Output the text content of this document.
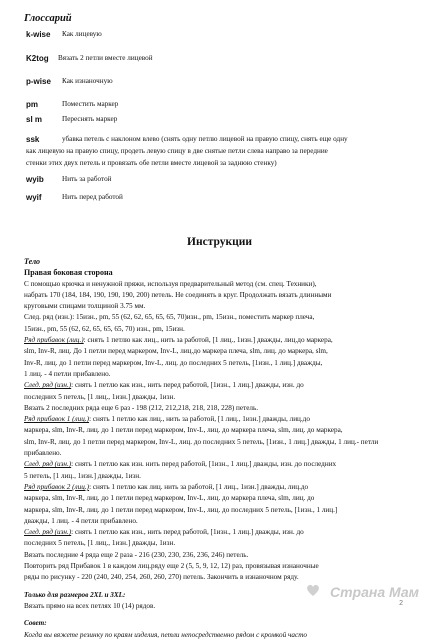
Глоссарий
k-wise Как лицевую
K2tog Вязать 2 петли вместе лицевой
p-wise Как изнаночную
pm	Поместить маркер
sl m	Переснять маркер
ssk	убавка петель с наклоном влево (снять одну петлю лицевой на правую спицу, снять еще одну
как лицевую на правую спицу, продеть левую спицу в две снятые петли слева направо за передние
стенки этих двух петель и провязать обе петли вместе лицевой за заднюю стенку)
wyib	Нить за работой
wyif	Нить перед работой
Инструкции
Тело
Правая боковая сторона
С помощью крючка и ненужной пряжи, используя предварительный метод (см. спец. Техники),
набрать 170 (184, 184, 190, 190, 190, 200) петель. Не соединять в круг. Продолжать вязать длинными
круговыми спицами толщиной 3.75 мм.
След. ряд (изн.): 15изн., pm, 55 (62, 62, 65, 65, 65, 70)изн., pm, 15изн., поместить маркер плеча,
15изн., pm, 55 (62, 62, 65, 65, 65, 70) изн., pm, 15изн.
Ряд прибавок (лиц.): снять 1 петлю как лиц., нить за работой, [1 лиц., 1изн.] дважды, лиц.до маркера,
slm, Inv-R, лиц. До 1 петли перед маркером, Inv-L, лиц.до маркера плеча, slm, лиц. до маркера, slm,
Inv-R, лиц. до 1 петли перед маркером, Inv-L, лиц. до последних 5 петель, [1изн., 1 лиц.] дважды,
1 лиц. - 4 петли прибавлено.
След. ряд (изн.): снять 1 петлю как изн., нить перед работой, [1изн., 1 лиц.] дважды, изн. до
последних 5 петель, [1 лиц., 1изн.] дважды, 1изн.
Вязать 2 последних ряда еще 6 раз - 198 (212, 212,218, 218, 218, 228) петель.
Ряд прибавок 1 (лиц.): снять 1 петлю как лиц., нить за работой, [1 лиц., 1изн.] дважды, лиц.до
маркера, slm, Inv-R, лиц. до 1 петли перед маркером, Inv-L, лиц. до маркера плеча, slm, лиц. до маркера,
slm, Inv-R, лиц. до 1 петли перед маркером, Inv-L, лиц. до последних 5 петель, [1изн., 1 лиц.] дважды, 1 лиц.- петли
прибавлено.
След. ряд (изн.): снять 1 петлю как изн. нить перед работой, [1изн., 1 лиц.] дважды, изн. до последних
5 петель, [1 лиц., 1изн.] дважды, 1изн.
Ряд прибавок 2 (лиц.): снять 1 петлю как лиц. нить за работой, [1 лиц., 1изн.] дважды, лиц.до
маркера, slm, Inv-R, лиц. до 1 петли перед маркером, Inv-L, лиц. до маркера плеча, slm, лиц. до
маркера, slm, Inv-R, лиц. до 1 петли перед маркером, Inv-L, лиц. до последних 5 петель, [1изн., 1 лиц.]
дважды, 1 лиц. - 4 петли прибавлено.
След. ряд (изн.): снять 1 петлю как изн., нить перед работой, [1изн., 1 лиц.] дважды, изн. до
последних 5 петель, [1 лиц., 1изн.] дважды, 1изн.
Вязать последние 4 ряда еще 2 раза - 216 (230, 230, 236, 236, 246) петель.
Повторить ряд Прибавок 1 в каждом лиц.ряду еще 2 (5, 5, 9, 12, 12) раз, провязывая изнаночные
ряды по рисунку - 220 (240, 240, 254, 260, 260, 270) петель. Закончить в изнаночном ряду.
Только для размеров 2XL и 3XL:
Вязать прямо на всех петлях 10 (14) рядов.
Совет:
Когда вы вяжете резинку по краям изделия, петли непосредственно рядом с кромкой часто
Страна Мам
2
